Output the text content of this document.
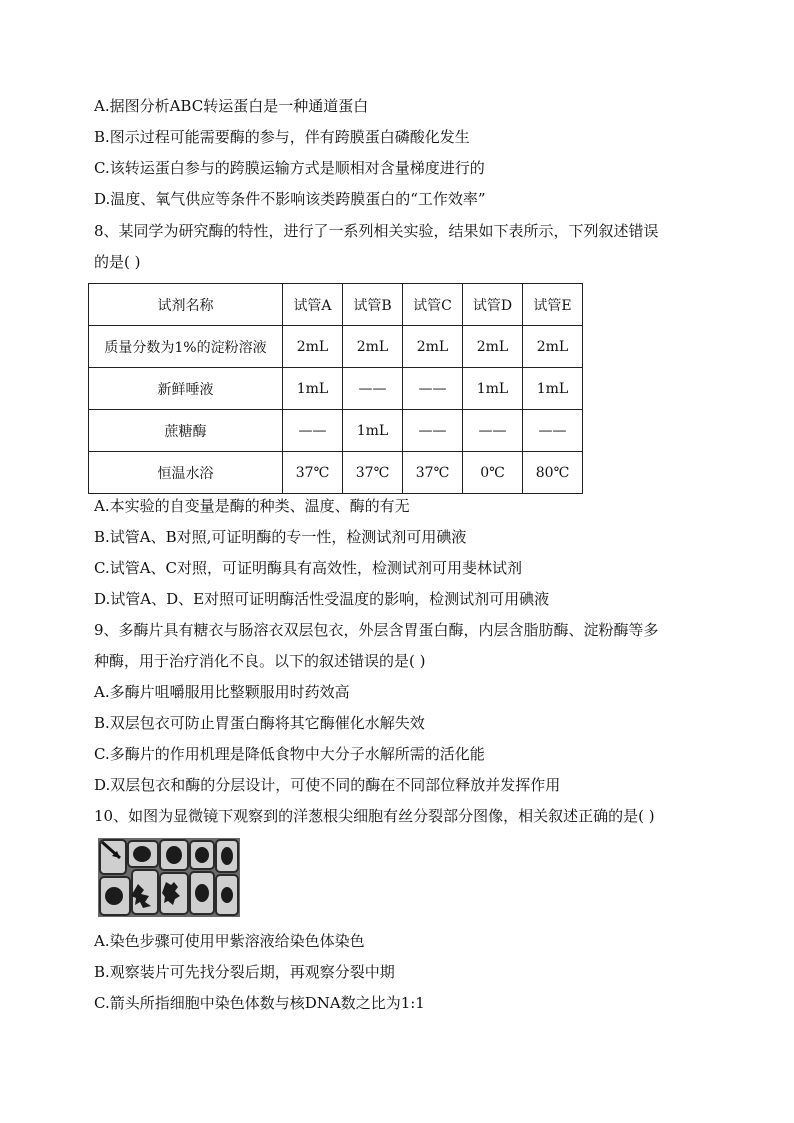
A.据图分析ABC转运蛋白是一种通道蛋白
B.图示过程可能需要酶的参与，伴有跨膜蛋白磷酸化发生
C.该转运蛋白参与的跨膜运输方式是顺相对含量梯度进行的
D.温度、氧气供应等条件不影响该类跨膜蛋白的“工作效率”
8、某同学为研究酶的特性，进行了一系列相关实验，结果如下表所示，下列叙述错误
的是( )
试剂名称	试管A	试管B	试管C	试管D	试管E
质量分数为1%的淀粉溶液	2mL	2mL	2mL	2mL	2mL
新鲜唾液	1mL	——	——	1mL	1mL
蔗糖酶	——	1mL	——	——	——
恒温水浴	37℃	37℃	37℃	0℃	80℃
A.本实验的自变量是酶的种类、温度、酶的有无
B.试管A、B对照,可证明酶的专一性，检测试剂可用碘液
C.试管A、C对照，可证明酶具有高效性，检测试剂可用斐林试剂
D.试管A、D、E对照可证明酶活性受温度的影响，检测试剂可用碘液
9、多酶片具有糖衣与肠溶衣双层包衣，外层含胃蛋白酶，内层含脂肪酶、淀粉酶等多
种酶，用于治疗消化不良。以下的叙述错误的是( )
A.多酶片咀嚼服用比整颗服用时药效高
B.双层包衣可防止胃蛋白酶将其它酶催化水解失效
C.多酶片的作用机理是降低食物中大分子水解所需的活化能
D.双层包衣和酶的分层设计，可使不同的酶在不同部位释放并发挥作用
10、如图为显微镜下观察到的洋葱根尖细胞有丝分裂部分图像，相关叙述正确的是( )
A.染色步骤可使用甲紫溶液给染色体染色
B.观察装片可先找分裂后期，再观察分裂中期
C.箭头所指细胞中染色体数与核DNA数之比为1:1
